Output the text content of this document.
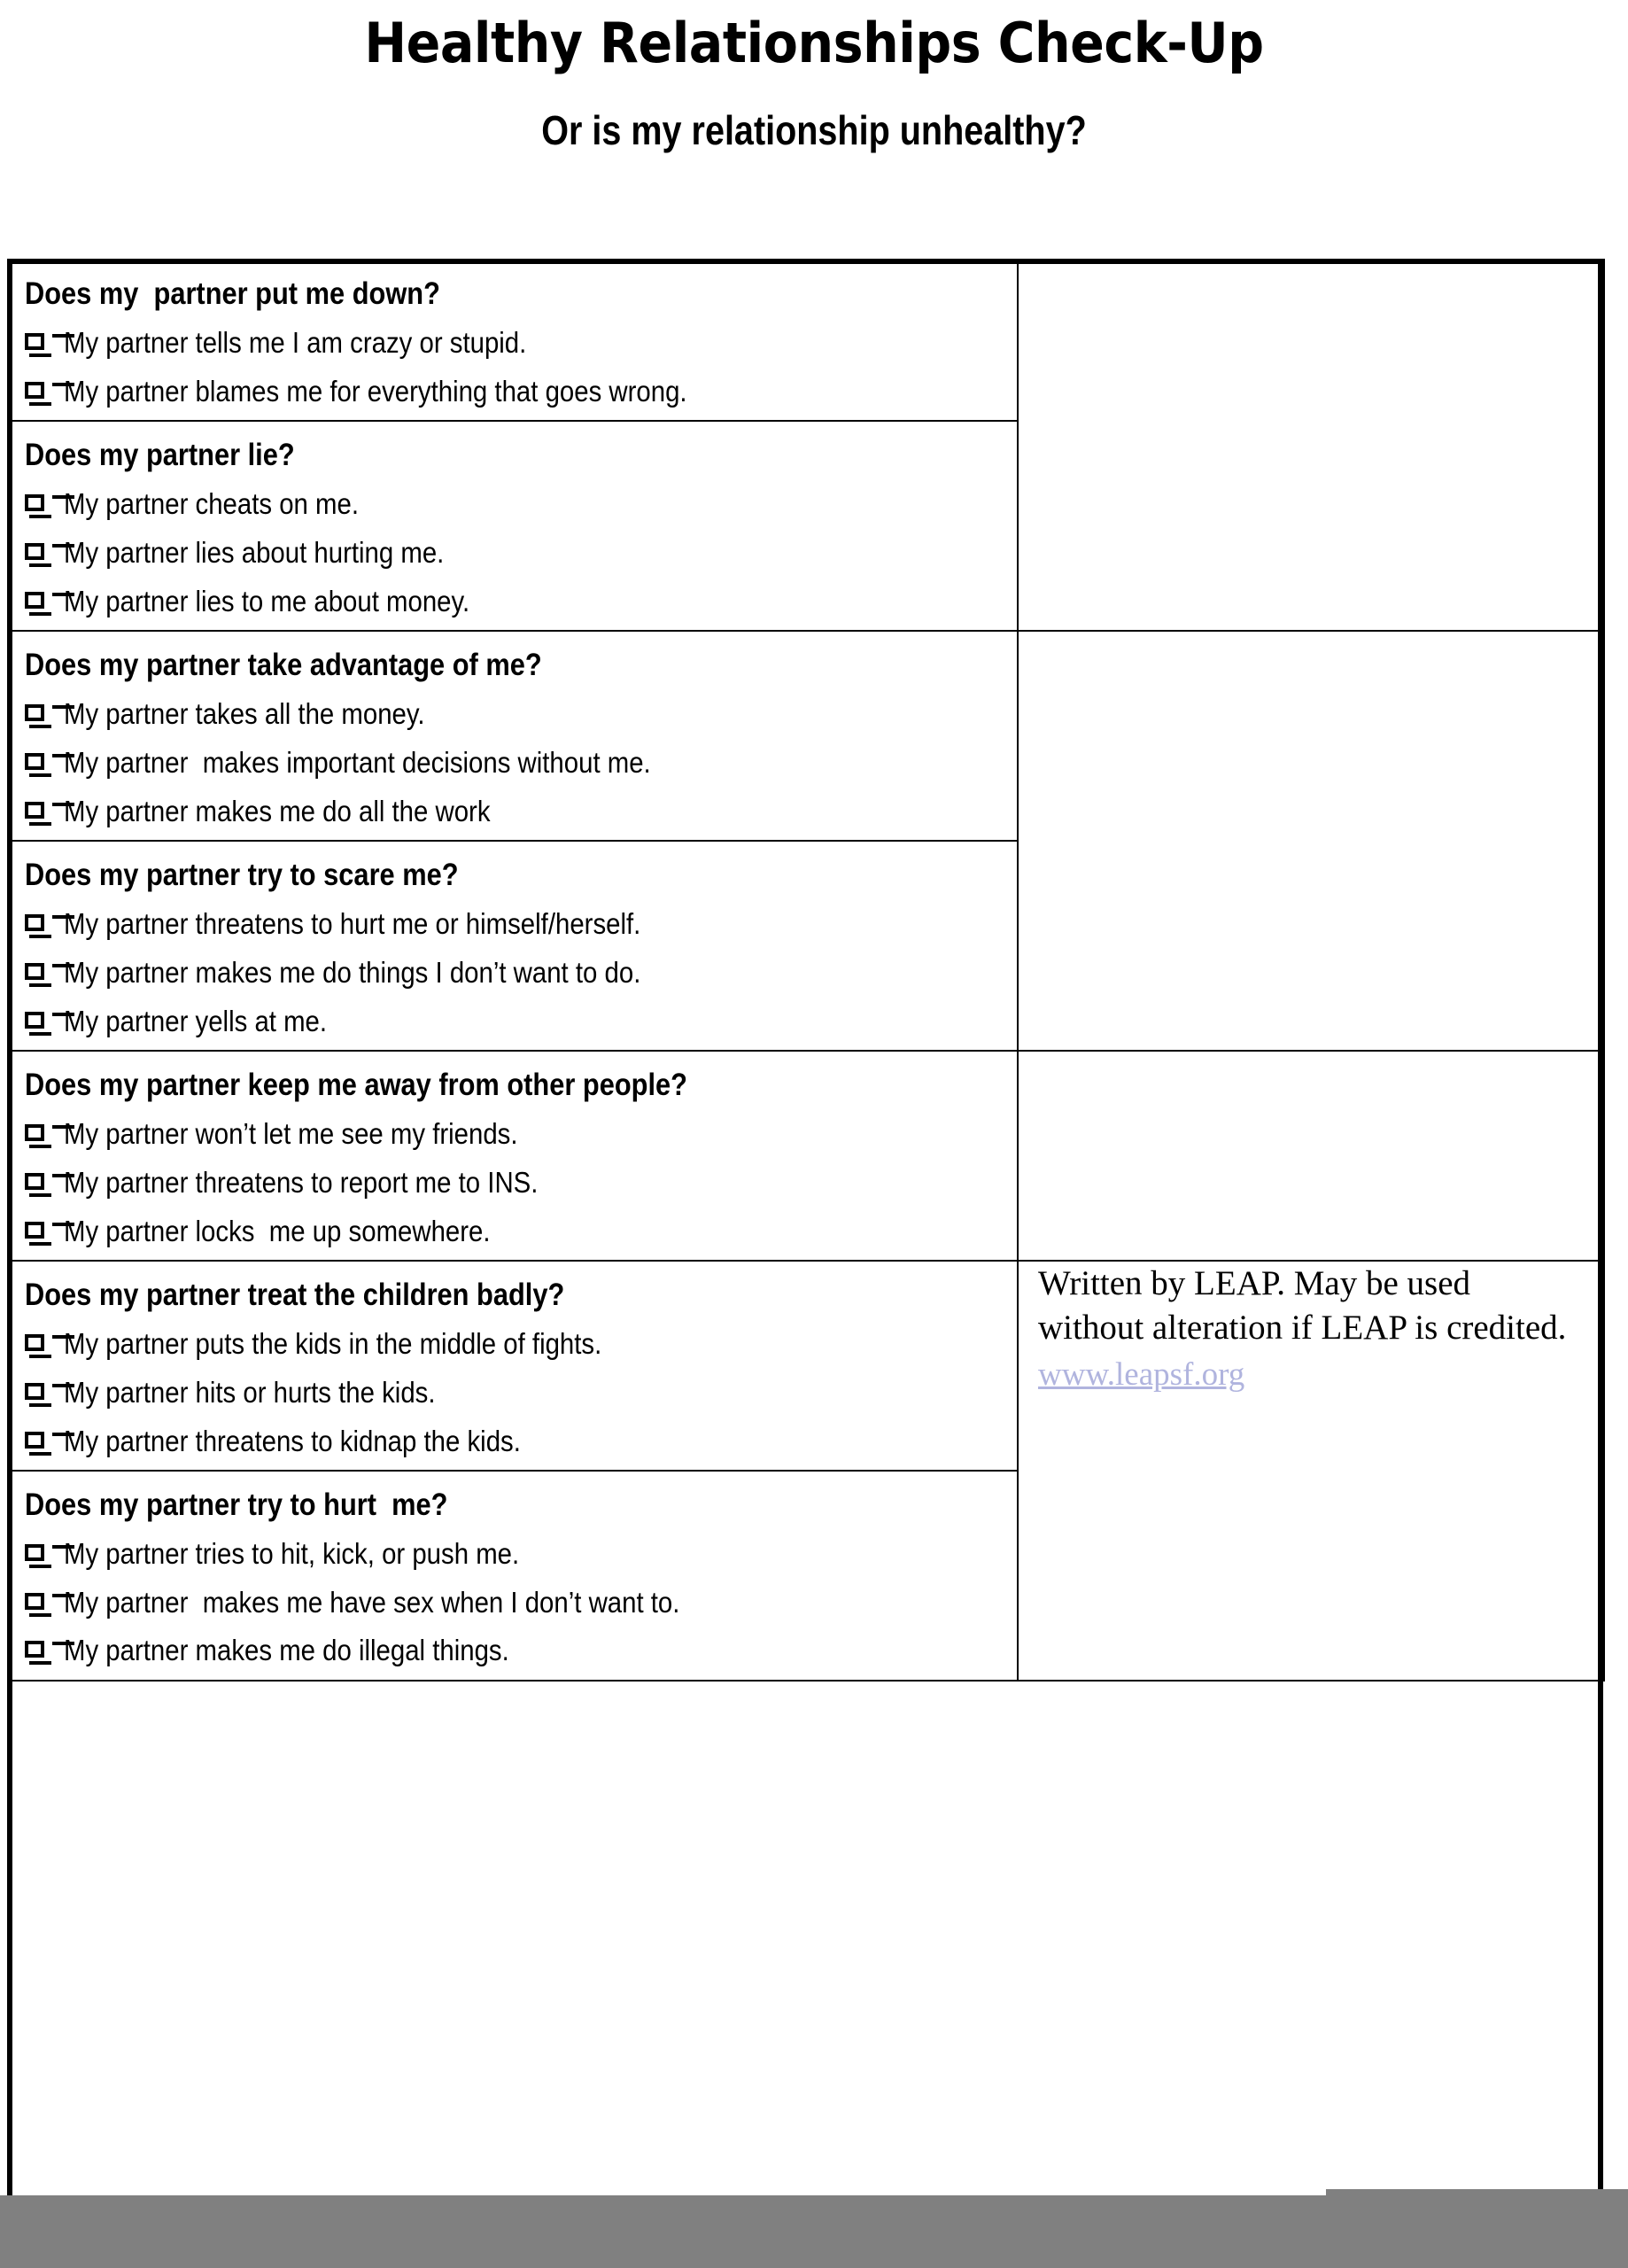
Healthy Relationships Check-Up
Or is my relationship unhealthy?
Does my  partner put me down?
My partner tells me I am crazy or stupid.
My partner blames me for everything that goes wrong.

Does my partner lie?
My partner cheats on me.
My partner lies about hurting me.
My partner lies to me about money.

Does my partner take advantage of me?
My partner takes all the money.
My partner  makes important decisions without me.
My partner makes me do all the work

Does my partner try to scare me?
My partner threatens to hurt me or himself/herself.
My partner makes me do things I don’t want to do.
My partner yells at me.

Does my partner keep me away from other people?
My partner won’t let me see my friends.
My partner threatens to report me to INS.
My partner locks  me up somewhere.

Does my partner treat the children badly?
My partner puts the kids in the middle of fights.
My partner hits or hurts the kids.
My partner threatens to kidnap the kids.

Written by LEAP. May be used without alteration if LEAP is credited.

www.leapsf.org

Does my partner try to hurt  me?
My partner tries to hit, kick, or push me.
My partner  makes me have sex when I don’t want to.
My partner makes me do illegal things.
